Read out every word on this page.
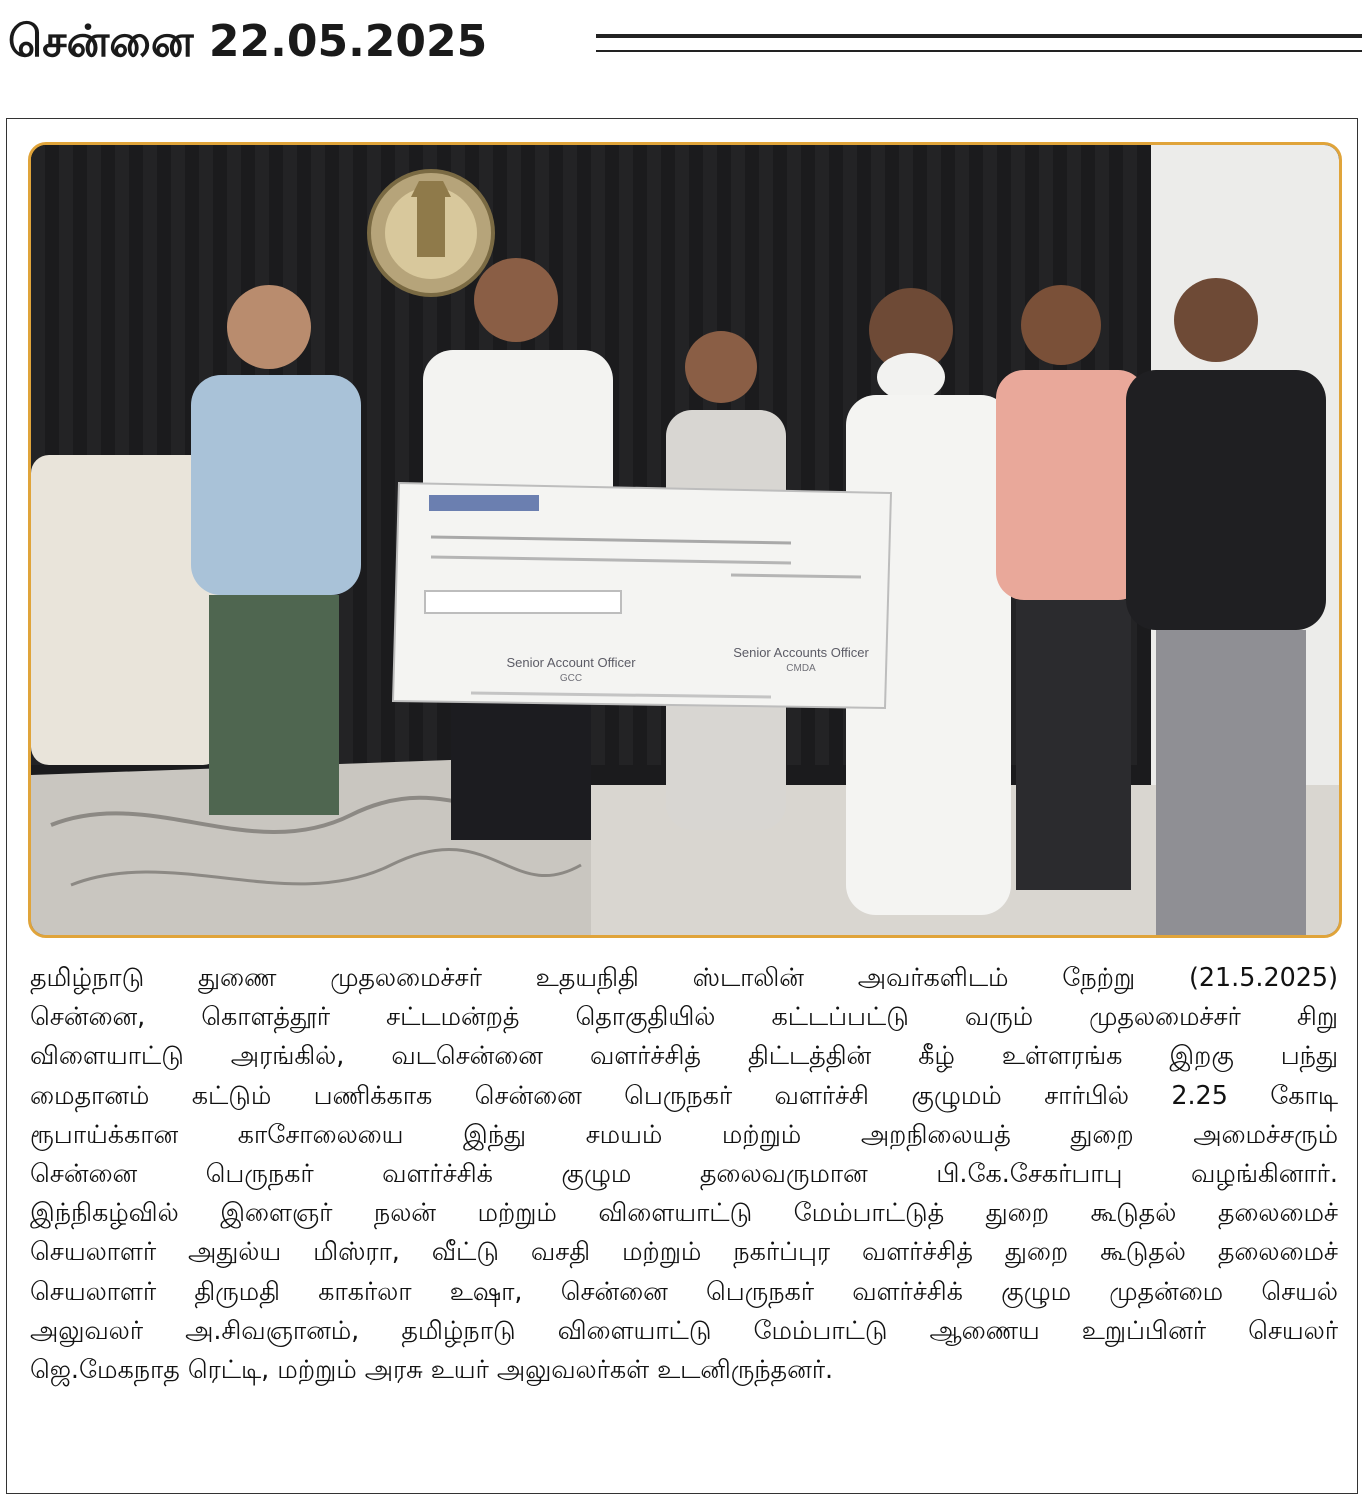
சென்னை 22.05.2025
Senior Account Officer
GCC
Senior Accounts Officer
CMDA
தமிழ்நாடு துணை முதலமைச்சர் உதயநிதி ஸ்டாலின் அவர்களிடம் நேற்று (21.5.2025)
சென்னை, கொளத்தூர் சட்டமன்றத் தொகுதியில் கட்டப்பட்டு வரும் முதலமைச்சர் சிறு
விளையாட்டு அரங்கில், வடசென்னை வளர்ச்சித் திட்டத்தின் கீழ் உள்ளரங்க இறகு பந்து
மைதானம் கட்டும் பணிக்காக சென்னை பெருநகர் வளர்ச்சி குழுமம் சார்பில் 2.25 கோடி
ரூபாய்க்கான காசோலையை இந்து சமயம் மற்றும் அறநிலையத் துறை அமைச்சரும்
சென்னை பெருநகர் வளர்ச்சிக் குழும தலைவருமான பி.கே.சேகர்பாபு வழங்கினார்.
இந்நிகழ்வில் இளைஞர் நலன் மற்றும் விளையாட்டு மேம்பாட்டுத் துறை கூடுதல் தலைமைச்
செயலாளர் அதுல்ய மிஸ்ரா, வீட்டு வசதி மற்றும் நகர்ப்புர வளர்ச்சித் துறை கூடுதல் தலைமைச்
செயலாளர் திருமதி காகர்லா உஷா, சென்னை பெருநகர் வளர்ச்சிக் குழும முதன்மை செயல்
அலுவலர் அ.சிவஞானம், தமிழ்நாடு விளையாட்டு மேம்பாட்டு ஆணைய உறுப்பினர் செயலர்
ஜெ.மேகநாத ரெட்டி, மற்றும் அரசு உயர் அலுவலர்கள் உடனிருந்தனர்.
